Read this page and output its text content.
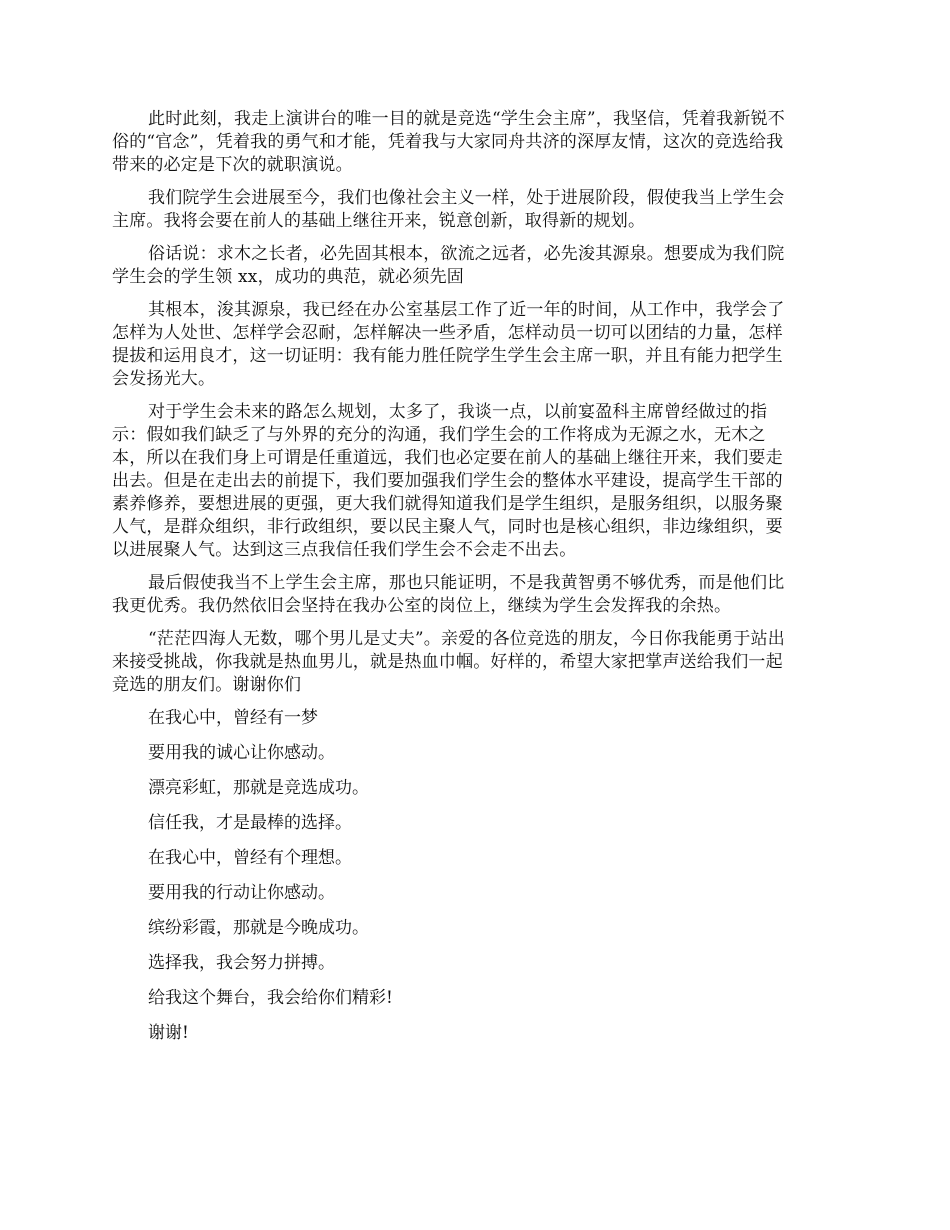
此时此刻，我走上演讲台的唯一目的就是竞选“学生会主席”，我坚信，凭着我新锐不
俗的“官念”，凭着我的勇气和才能，凭着我与大家同舟共济的深厚友情，这次的竞选给我
带来的必定是下次的就职演说。

我们院学生会进展至今，我们也像社会主义一样，处于进展阶段，假使我当上学生会
主席。我将会要在前人的基础上继往开来，锐意创新，取得新的规划。

俗话说：求木之长者，必先固其根本，欲流之远者，必先浚其源泉。想要成为我们院
学生会的学生领 xx，成功的典范，就必须先固

其根本，浚其源泉，我已经在办公室基层工作了近一年的时间，从工作中，我学会了
怎样为人处世、怎样学会忍耐，怎样解决一些矛盾，怎样动员一切可以团结的力量，怎样
提拔和运用良才，这一切证明：我有能力胜任院学生学生会主席一职，并且有能力把学生
会发扬光大。

对于学生会未来的路怎么规划，太多了，我谈一点，以前宴盈科主席曾经做过的指
示：假如我们缺乏了与外界的充分的沟通，我们学生会的工作将成为无源之水，无木之
本，所以在我们身上可谓是任重道远，我们也必定要在前人的基础上继往开来，我们要走
出去。但是在走出去的前提下，我们要加强我们学生会的整体水平建设，提高学生干部的
素养修养，要想进展的更强，更大我们就得知道我们是学生组织，是服务组织，以服务聚
人气，是群众组织，非行政组织，要以民主聚人气，同时也是核心组织，非边缘组织，要
以进展聚人气。达到这三点我信任我们学生会不会走不出去。

最后假使我当不上学生会主席，那也只能证明，不是我黄智勇不够优秀，而是他们比
我更优秀。我仍然依旧会坚持在我办公室的岗位上，继续为学生会发挥我的余热。

“茫茫四海人无数，哪个男儿是丈夫”。亲爱的各位竞选的朋友，今日你我能勇于站出
来接受挑战，你我就是热血男儿，就是热血巾帼。好样的，希望大家把掌声送给我们一起
竞选的朋友们。谢谢你们

在我心中，曾经有一梦

要用我的诚心让你感动。

漂亮彩虹，那就是竞选成功。

信任我，才是最棒的选择。

在我心中，曾经有个理想。

要用我的行动让你感动。

缤纷彩霞，那就是今晚成功。

选择我，我会努力拼搏。

给我这个舞台，我会给你们精彩!

谢谢!
